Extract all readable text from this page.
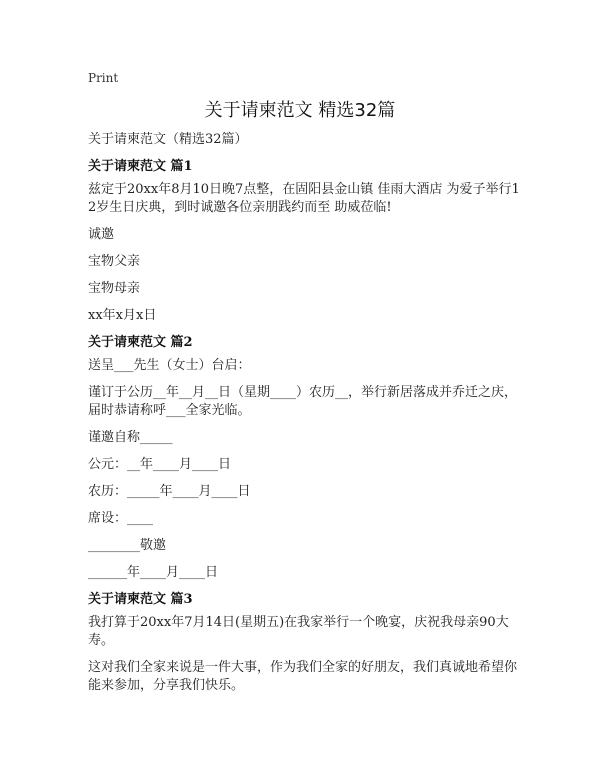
Print
关于请柬范文 精选32篇
关于请柬范文（精选32篇）
关于请柬范文 篇1
兹定于20xx年8月10日晚7点整，在固阳县金山镇 佳雨大酒店 为爱子举行12岁生日庆典，到时诚邀各位亲朋践约而至 助威莅临!
诚邀
宝物父亲
宝物母亲
xx年x月x日
关于请柬范文 篇2
送呈___先生（女士）台启：
谨订于公历__年__月__日（星期____）农历__，举行新居落成并乔迁之庆，届时恭请称呼___全家光临。
谨邀自称_____
公元：__年____月____日
农历：_____年____月____日
席设：____
________敬邀
______年____月____日
关于请柬范文 篇3
我打算于20xx年7月14日(星期五)在我家举行一个晚宴，庆祝我母亲90大寿。
这对我们全家来说是一件大事，作为我们全家的好朋友，我们真诚地希望你能来参加，分享我们快乐。
